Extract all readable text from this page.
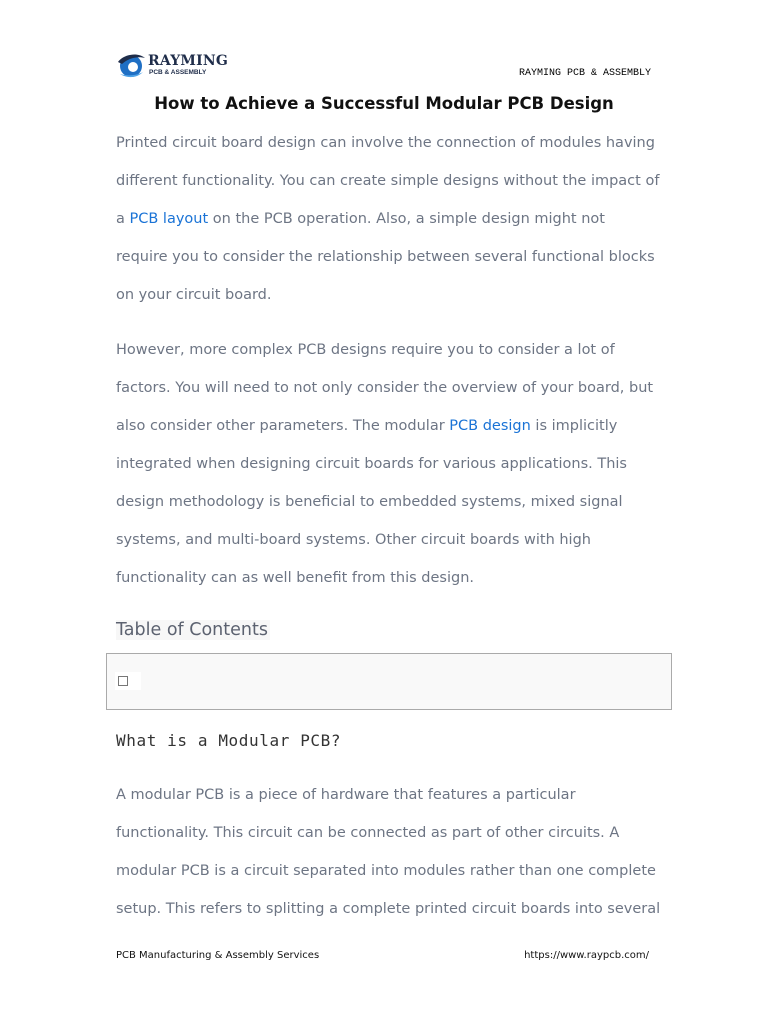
RAYMING
PCB & ASSEMBLY	RAYMING PCB & ASSEMBLY
How to Achieve a Successful Modular PCB Design

Printed circuit board design can involve the connection of modules having different functionality. You can create simple designs without the impact of a PCB layout on the PCB operation. Also, a simple design might not require you to consider the relationship between several functional blocks on your circuit board.

However, more complex PCB designs require you to consider a lot of factors. You will need to not only consider the overview of your board, but also consider other parameters. The modular PCB design is implicitly integrated when designing circuit boards for various applications. This design methodology is beneficial to embedded systems, mixed signal systems, and multi-board systems. Other circuit boards with high functionality can as well benefit from this design.

Table of Contents
What is a Modular PCB?

A modular PCB is a piece of hardware that features a particular functionality. This circuit can be connected as part of other circuits. A modular PCB is a circuit separated into modules rather than one complete setup. This refers to splitting a complete printed circuit boards into several

PCB Manufacturing & Assembly Services	https://www.raypcb.com/
